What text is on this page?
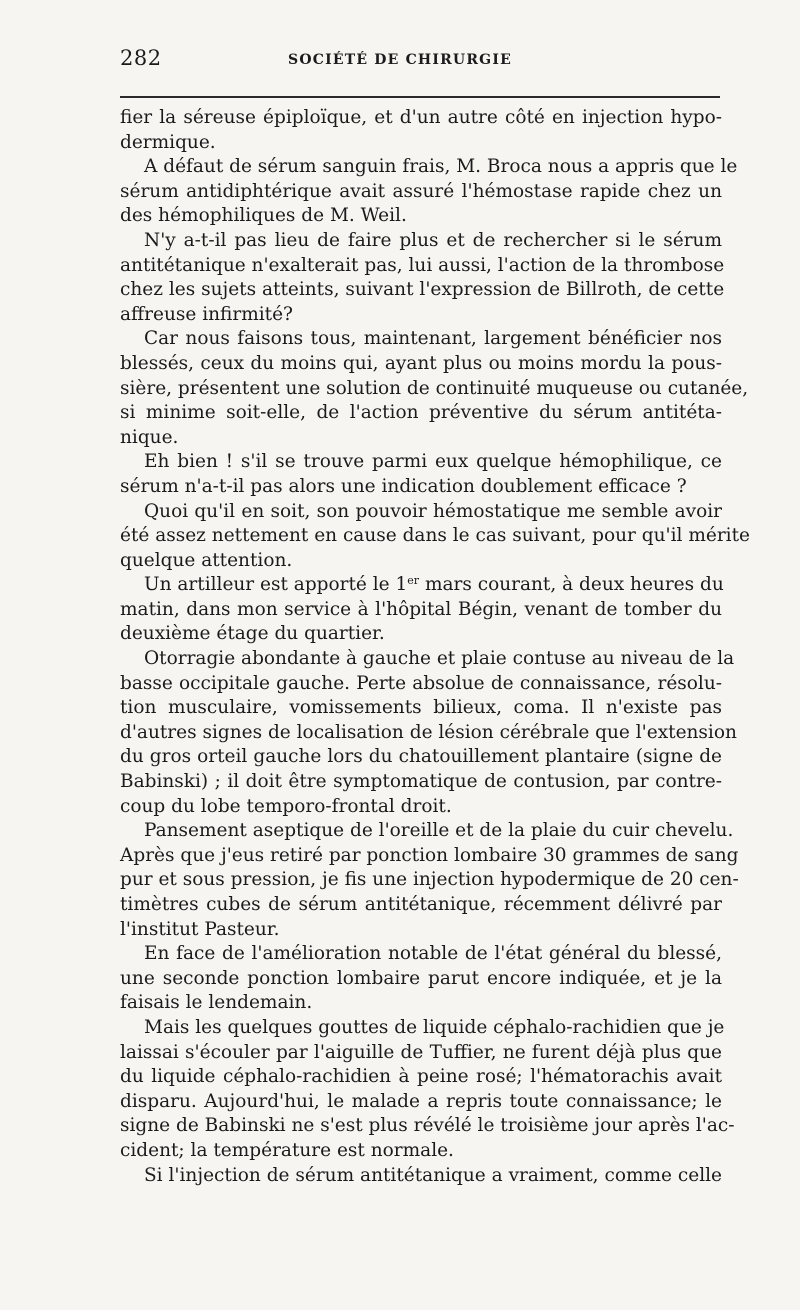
282	SOCIÉTÉ DE CHIRURGIE
fier la séreuse épiploïque, et d'un autre côté en injection hypo-
dermique.
A défaut de sérum sanguin frais, M. Broca nous a appris que le
sérum antidiphtérique avait assuré l'hémostase rapide chez un
des hémophiliques de M. Weil.
N'y a-t-il pas lieu de faire plus et de rechercher si le sérum
antitétanique n'exalterait pas, lui aussi, l'action de la thrombose
chez les sujets atteints, suivant l'expression de Billroth, de cette
affreuse infirmité?
Car nous faisons tous, maintenant, largement bénéficier nos
blessés, ceux du moins qui, ayant plus ou moins mordu la pous-
sière, présentent une solution de continuité muqueuse ou cutanée,
si minime soit-elle, de l'action préventive du sérum antitéta-
nique.
Eh bien ! s'il se trouve parmi eux quelque hémophilique, ce
sérum n'a-t-il pas alors une indication doublement efficace ?
Quoi qu'il en soit, son pouvoir hémostatique me semble avoir
été assez nettement en cause dans le cas suivant, pour qu'il mérite
quelque attention.
Un artilleur est apporté le 1er mars courant, à deux heures du
matin, dans mon service à l'hôpital Bégin, venant de tomber du
deuxième étage du quartier.
Otorragie abondante à gauche et plaie contuse au niveau de la
basse occipitale gauche. Perte absolue de connaissance, résolu-
tion musculaire, vomissements bilieux, coma. Il n'existe pas
d'autres signes de localisation de lésion cérébrale que l'extension
du gros orteil gauche lors du chatouillement plantaire (signe de
Babinski) ; il doit être symptomatique de contusion, par contre-
coup du lobe temporo-frontal droit.
Pansement aseptique de l'oreille et de la plaie du cuir chevelu.
Après que j'eus retiré par ponction lombaire 30 grammes de sang
pur et sous pression, je fis une injection hypodermique de 20 cen-
timètres cubes de sérum antitétanique, récemment délivré par
l'institut Pasteur.
En face de l'amélioration notable de l'état général du blessé,
une seconde ponction lombaire parut encore indiquée, et je la
faisais le lendemain.
Mais les quelques gouttes de liquide céphalo-rachidien que je
laissai s'écouler par l'aiguille de Tuffier, ne furent déjà plus que
du liquide céphalo-rachidien à peine rosé; l'hématorachis avait
disparu. Aujourd'hui, le malade a repris toute connaissance; le
signe de Babinski ne s'est plus révélé le troisième jour après l'ac-
cident; la température est normale.
Si l'injection de sérum antitétanique a vraiment, comme celle
